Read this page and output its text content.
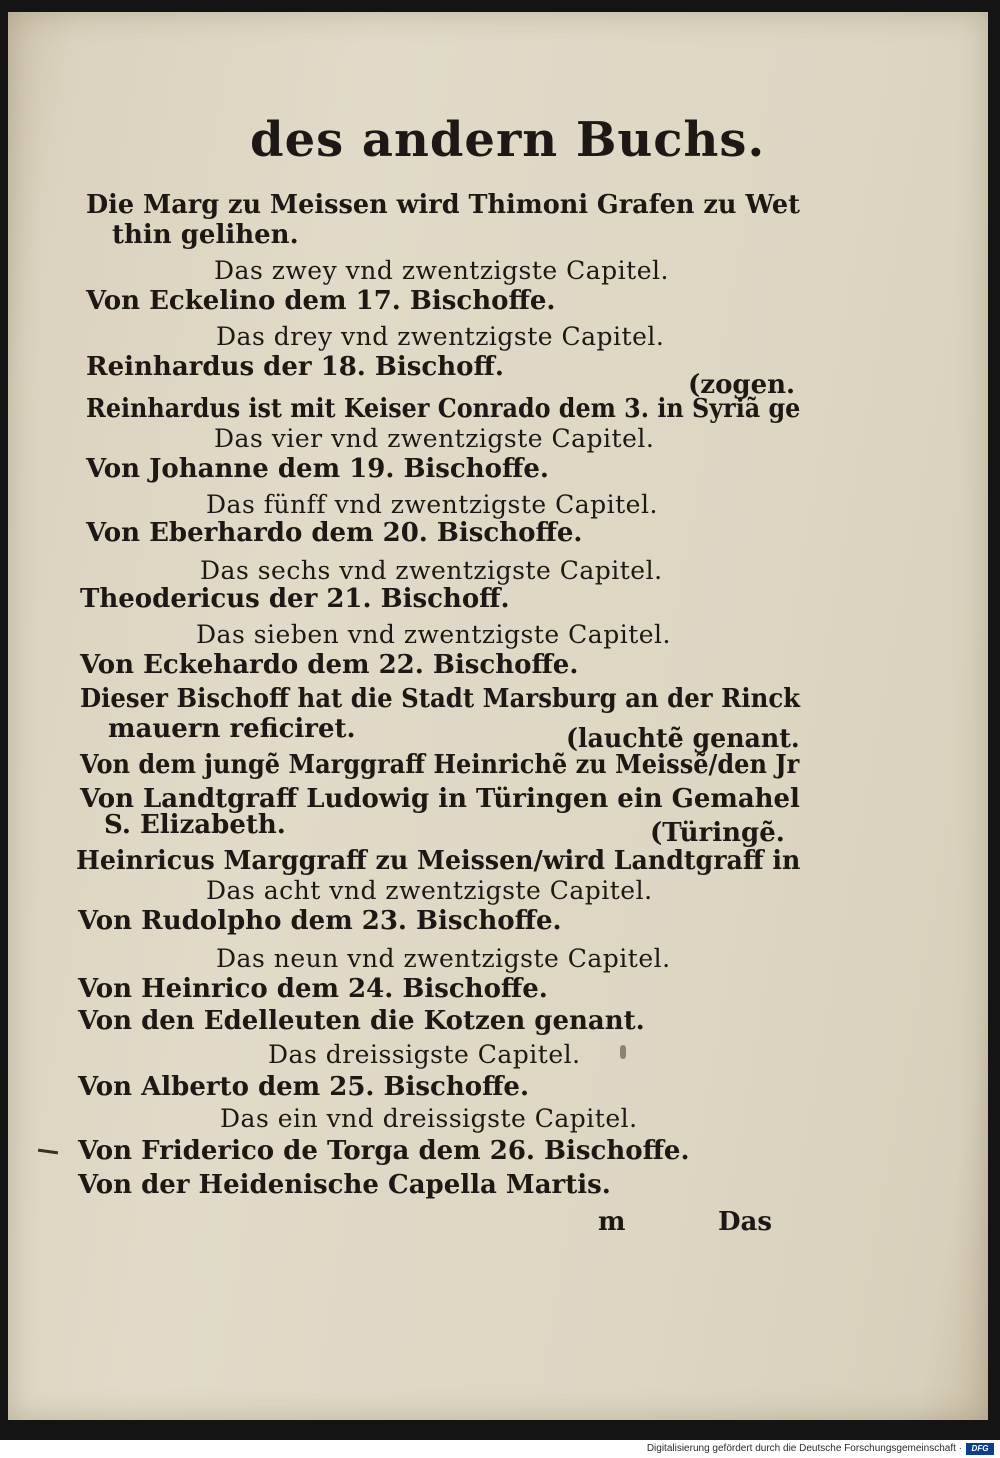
des andern Buchs.
Die Marg zu Meissen wird Thimoni Grafen zu Wet
thin gelihen.
Das zwey vnd zwentzigste Capitel.
Von Eckelino dem 17. Bischoffe.
Das drey vnd zwentzigste Capitel.
Reinhardus der 18. Bischoff.
(zogen.
Reinhardus ist mit Keiser Conrado dem 3. in Syriã ge
Das vier vnd zwentzigste Capitel.
Von Johanne dem 19. Bischoffe.
Das fünff vnd zwentzigste Capitel.
Von Eberhardo dem 20. Bischoffe.
Das sechs vnd zwentzigste Capitel.
Theodericus der 21. Bischoff.
Das sieben vnd zwentzigste Capitel.
Von Eckehardo dem 22. Bischoffe.
Dieser Bischoff hat die Stadt Marsburg an der Rinck
mauern reficiret.	(lauchtẽ genant.
Von dem jungẽ Marggraff Heinrichẽ zu Meissẽ/den Jr
Von Landtgraff Ludowig in Türingen ein Gemahel
S. Elizabeth.	(Türingẽ.
Heinricus Marggraff zu Meissen/wird Landtgraff in
Das acht vnd zwentzigste Capitel.
Von Rudolpho dem 23. Bischoffe.
Das neun vnd zwentzigste Capitel.
Von Heinrico dem 24. Bischoffe.
Von den Edelleuten die Kotzen genant.
Das dreissigste Capitel.
Von Alberto dem 25. Bischoffe.
Das ein vnd dreissigste Capitel.
Von Friderico de Torga dem 26. Bischoffe.
Von der Heidenische Capella Martis.
m	Das
Digitalisierung gefördert durch die Deutsche Forschungsgemeinschaft ·	DFG
